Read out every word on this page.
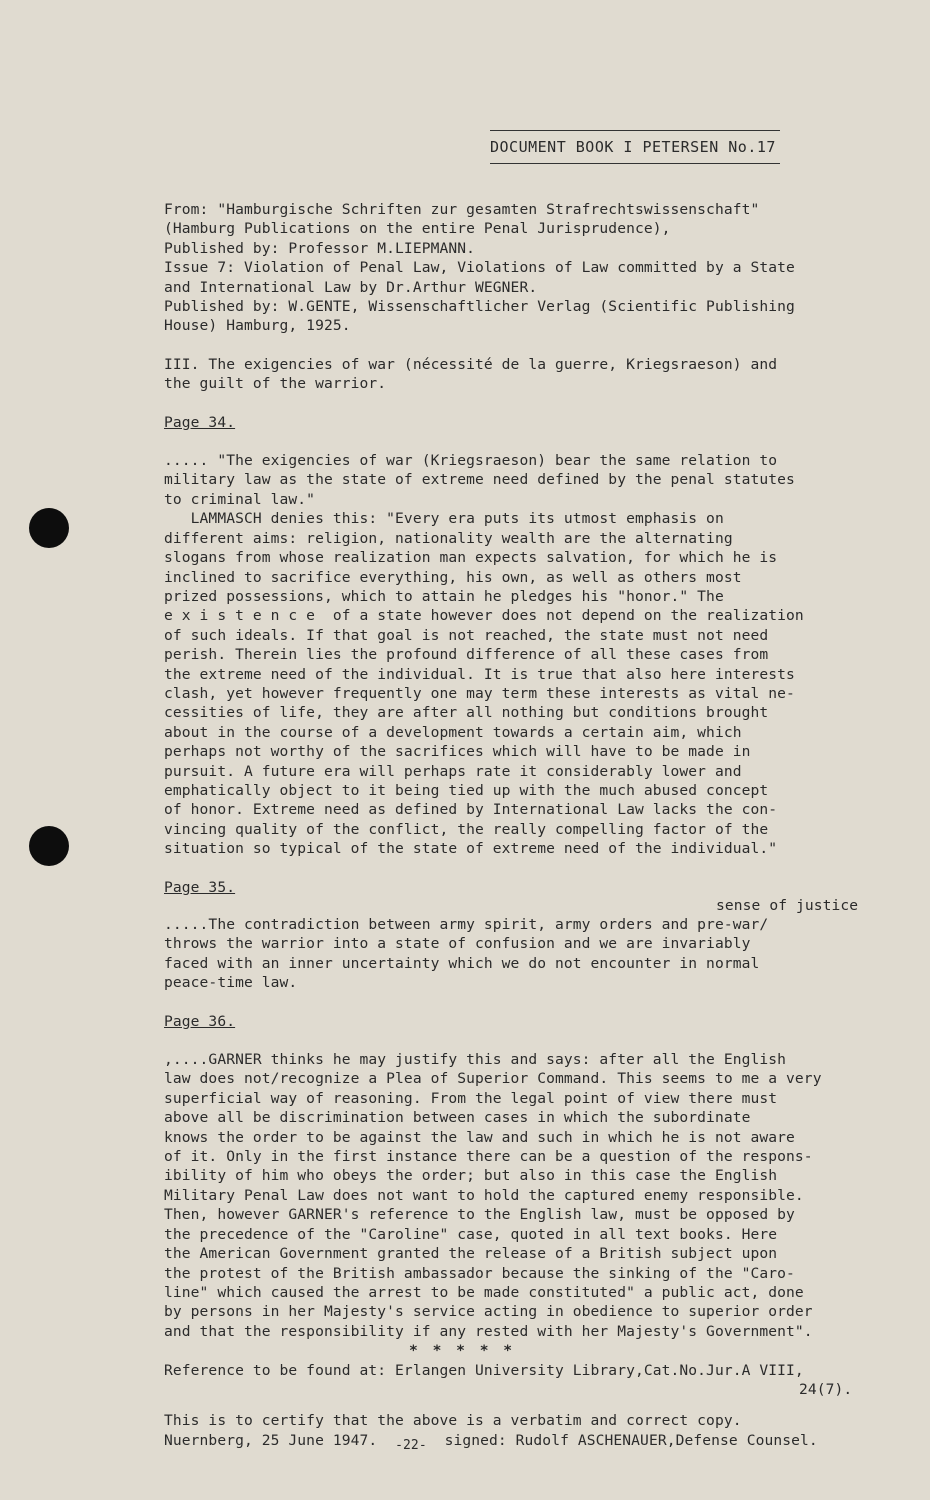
DOCUMENT BOOK I PETERSEN No.17
From: "Hamburgische Schriften zur gesamten Strafrechtswissenschaft"
(Hamburg Publications on the entire Penal Jurisprudence),
Published by: Professor M.LIEPMANN.
Issue 7: Violation of Penal Law, Violations of Law committed by a State
and International Law by Dr.Arthur WEGNER.
Published by: W.GENTE, Wissenschaftlicher Verlag (Scientific Publishing
House) Hamburg, 1925.
III. The exigencies of war (nécessité de la guerre, Kriegsraeson) and
the guilt of the warrior.
Page 34.
..... "The exigencies of war (Kriegsraeson) bear the same relation to
military law as the state of extreme need defined by the penal statutes
to criminal law."
LAMMASCH denies this: "Every era puts its utmost emphasis on
different aims: religion, nationality wealth are the alternating
slogans from whose realization man expects salvation, for which he is
inclined to sacrifice everything, his own, as well as others most
prized possessions, which to attain he pledges his "honor." The
e x i s t e n c e  of a state however does not depend on the realization
of such ideals. If that goal is not reached, the state must not need
perish. Therein lies the profound difference of all these cases from
the extreme need of the individual. It is true that also here interests
clash, yet however frequently one may term these interests as vital ne-
cessities of life, they are after all nothing but conditions brought
about in the course of a development towards a certain aim, which
perhaps not worthy of the sacrifices which will have to be made in
pursuit. A future era will perhaps rate it considerably lower and
emphatically object to it being tied up with the much abused concept
of honor. Extreme need as defined by International Law lacks the con-
vincing quality of the conflict, the really compelling factor of the
situation so typical of the state of extreme need of the individual."
Page 35.
sense of justice
.....The contradiction between army spirit, army orders and pre-war/
throws the warrior into a state of confusion and we are invariably
faced with an inner uncertainty which we do not encounter in normal
peace-time law.
Page 36.
,....GARNER thinks he may justify this and says: after all the English
law does not/recognize a Plea of Superior Command. This seems to me a very
superficial way of reasoning. From the legal point of view there must
above all be discrimination between cases in which the subordinate
knows the order to be against the law and such in which he is not aware
of it. Only in the first instance there can be a question of the respons-
ibility of him who obeys the order; but also in this case the English
Military Penal Law does not want to hold the captured enemy responsible.
Then, however GARNER's reference to the English law, must be opposed by
the precedence of the "Caroline" case, quoted in all text books. Here
the American Government granted the release of a British subject upon
the protest of the British ambassador because the sinking of the "Caro-
line" which caused the arrest to be made constituted" a public act, done
by persons in her Majesty's service acting in obedience to superior order
and that the responsibility if any rested with her Majesty's Government".
* * * * *
Reference to be found at: Erlangen University Library,Cat.No.Jur.A VIII,
24(7).
This is to certify that the above is a verbatim and correct copy.
Nuernberg, 25 June 1947. -22- signed: Rudolf ASCHENAUER,Defense Counsel.
